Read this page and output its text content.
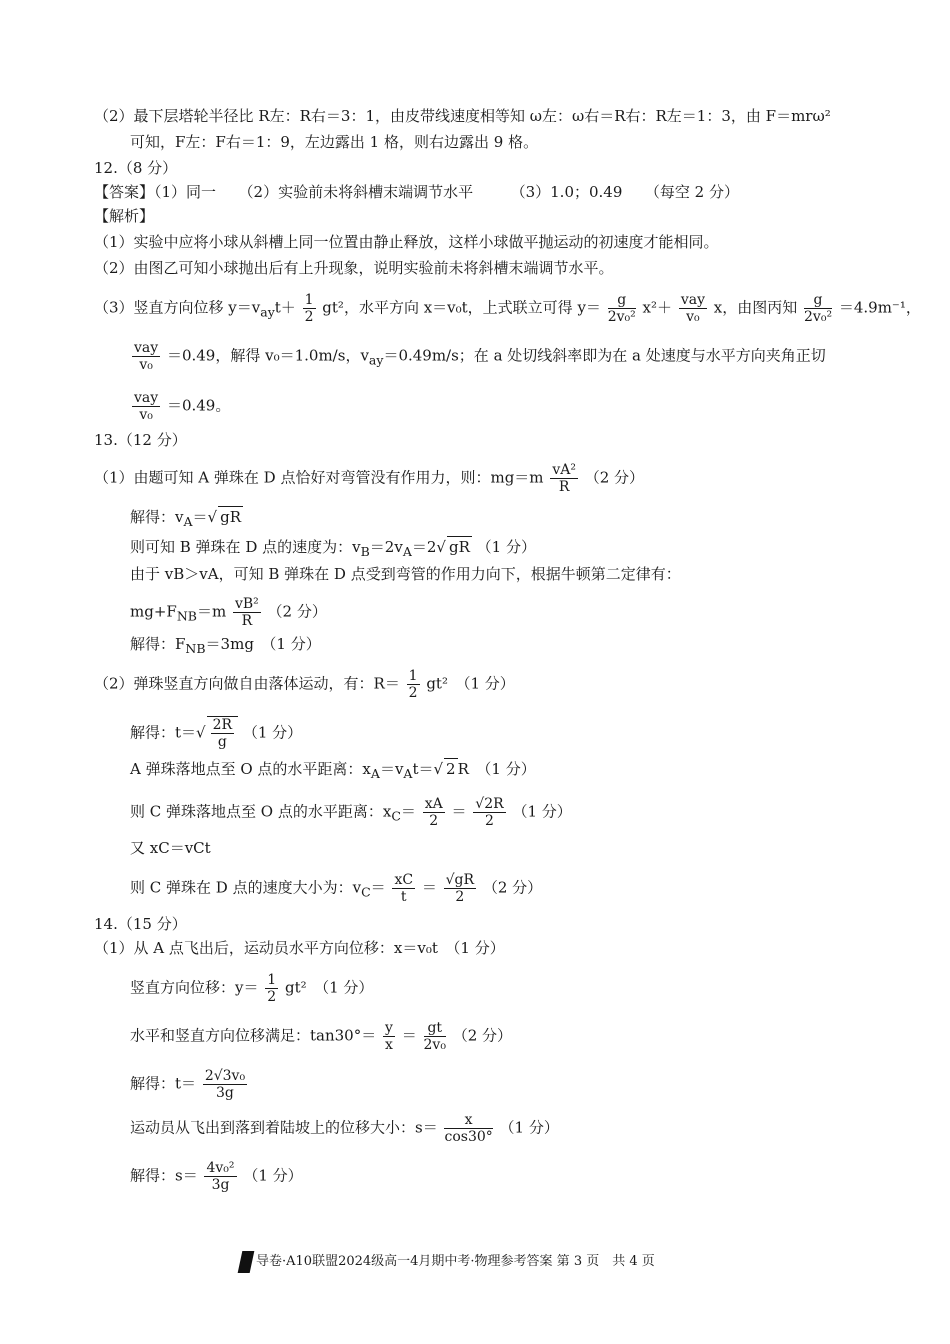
（2）最下层塔轮半径比 R左：R右＝3：1，由皮带线速度相等知 ω左：ω右＝R右：R左＝1：3，由 F＝mrω²
可知，F左：F右＝1：9，左边露出 1 格，则右边露出 9 格。
12.（8 分）
【答案】（1）同一　　（2）实验前未将斜槽末端调节水平　　　（3）1.0；0.49　　（每空 2 分）
【解析】
（1）实验中应将小球从斜槽上同一位置由静止释放，这样小球做平抛运动的初速度才能相同。
（2）由图乙可知小球抛出后有上升现象，说明实验前未将斜槽末端调节水平。
（3）竖直方向位移 $y=v_{ay}t+ \frac{1}{2} gt^2$，水平方向 x＝v₀t，上式联立可得 $y= \frac{g}{\text{2v₀²}} x^2+ \frac{\text{vay}}{\text{v₀}}$ x，由图丙知 $\frac{g}{\text{2v₀²}} =4.9m^{-1}$，
$\frac{\text{vay}}{\text{v₀}} =0.49$，解得 v₀＝1.0m/s，$v_{ay}=0.49m/s$；在 a 处切线斜率即为在 a 处速度与水平方向夹角正切
$\frac{\text{vay}}{\text{v₀}} =0.49$。
13.（12 分）
（1）由题可知 A 弹珠在 D 点恰好对弯管没有作用力，则：$mg=m \frac{\text{vA²}}{R} (2$ 分）
解得：$v_A=√$ gR
则可知 B 弹珠在 D 点的速度为：$v_B=2v_A=2√$ gR （1 分）
由于 vB＞vA，可知 B 弹珠在 D 点受到弯管的作用力向下，根据牛顿第二定律有：
$mg+F_{NB}=m \frac{\text{vB²}}{R} (2$ 分）
解得：$F_{NB}=3mg$　（1 分）
（2）弹珠竖直方向做自由落体运动，有：$R= \frac{1}{2} gt^2$　（1 分）
解得：$t=√ \frac{2R}{g} (1$ 分）
A 弹珠落地点至 O 点的水平距离：$x_A=v_At=√$ 2 R　（1 分）
则 C 弹珠落地点至 O 点的水平距离：$x_C= \frac{xA}{2} = \frac{√2R}{2} (1$ 分）
又 xC＝vCt
则 C 弹珠在 D 点的速度大小为：$v_C= \frac{xC}{t} = \frac{√gR}{2} (2$ 分）
14.（15 分）
（1）从 A 点飞出后，运动员水平方向位移：x＝v₀t　（1 分）
竖直方向位移：$y= \frac{1}{2} gt^2$　（1 分）
水平和竖直方向位移满足：$\tan 30^\circ= \frac{y}{x} = \frac{gt}{\text{2v₀}} (2$ 分）
解得：$t= \frac{\text{2√3v₀}}{3g}$
运动员从飞出到落到着陆坡上的位移大小：$s= \frac{x}{\cos 30^\circ} (1$ 分）
解得：$s= \frac{\text{4v₀²}}{3g} (1$ 分）
导卷·A10联盟2024级高一4月期中考·物理参考答案 第 3 页　共 4 页
